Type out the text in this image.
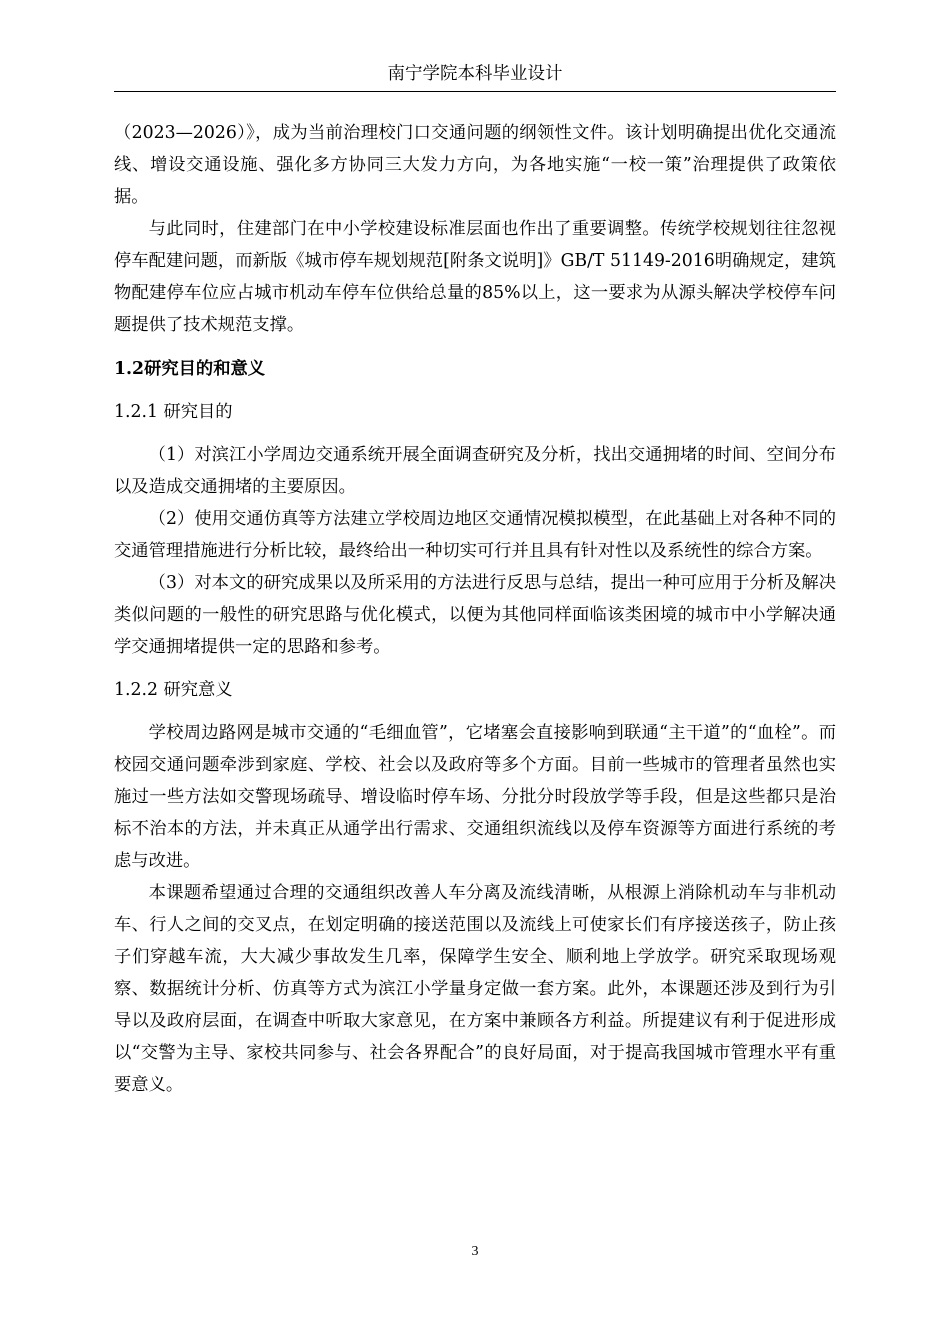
南宁学院本科毕业设计

（2023—2026）》，成为当前治理校门口交通问题的纲领性文件。该计划明确提出优化交通流线、增设交通设施、强化多方协同三大发力方向，为各地实施“一校一策”治理提供了政策依据。

与此同时，住建部门在中小学校建设标准层面也作出了重要调整。传统学校规划往往忽视停车配建问题，而新版《城市停车规划规范[附条文说明]》GB/T 51149-2016明确规定，建筑物配建停车位应占城市机动车停车位供给总量的85%以上，这一要求为从源头解决学校停车问题提供了技术规范支撑。

1.2研究目的和意义

1.2.1 研究目的

（1）对滨江小学周边交通系统开展全面调查研究及分析，找出交通拥堵的时间、空间分布以及造成交通拥堵的主要原因。

（2）使用交通仿真等方法建立学校周边地区交通情况模拟模型，在此基础上对各种不同的交通管理措施进行分析比较，最终给出一种切实可行并且具有针对性以及系统性的综合方案。

（3）对本文的研究成果以及所采用的方法进行反思与总结，提出一种可应用于分析及解决类似问题的一般性的研究思路与优化模式，以便为其他同样面临该类困境的城市中小学解决通学交通拥堵提供一定的思路和参考。

1.2.2 研究意义

学校周边路网是城市交通的“毛细血管”，它堵塞会直接影响到联通“主干道”的“血栓”。而校园交通问题牵涉到家庭、学校、社会以及政府等多个方面。目前一些城市的管理者虽然也实施过一些方法如交警现场疏导、增设临时停车场、分批分时段放学等手段，但是这些都只是治标不治本的方法，并未真正从通学出行需求、交通组织流线以及停车资源等方面进行系统的考虑与改进。

本课题希望通过合理的交通组织改善人车分离及流线清晰，从根源上消除机动车与非机动车、行人之间的交叉点，在划定明确的接送范围以及流线上可使家长们有序接送孩子，防止孩子们穿越车流，大大减少事故发生几率，保障学生安全、顺利地上学放学。研究采取现场观察、数据统计分析、仿真等方式为滨江小学量身定做一套方案。此外，本课题还涉及到行为引导以及政府层面，在调查中听取大家意见，在方案中兼顾各方利益。所提建议有利于促进形成以“交警为主导、家校共同参与、社会各界配合”的良好局面，对于提高我国城市管理水平有重要意义。

3
